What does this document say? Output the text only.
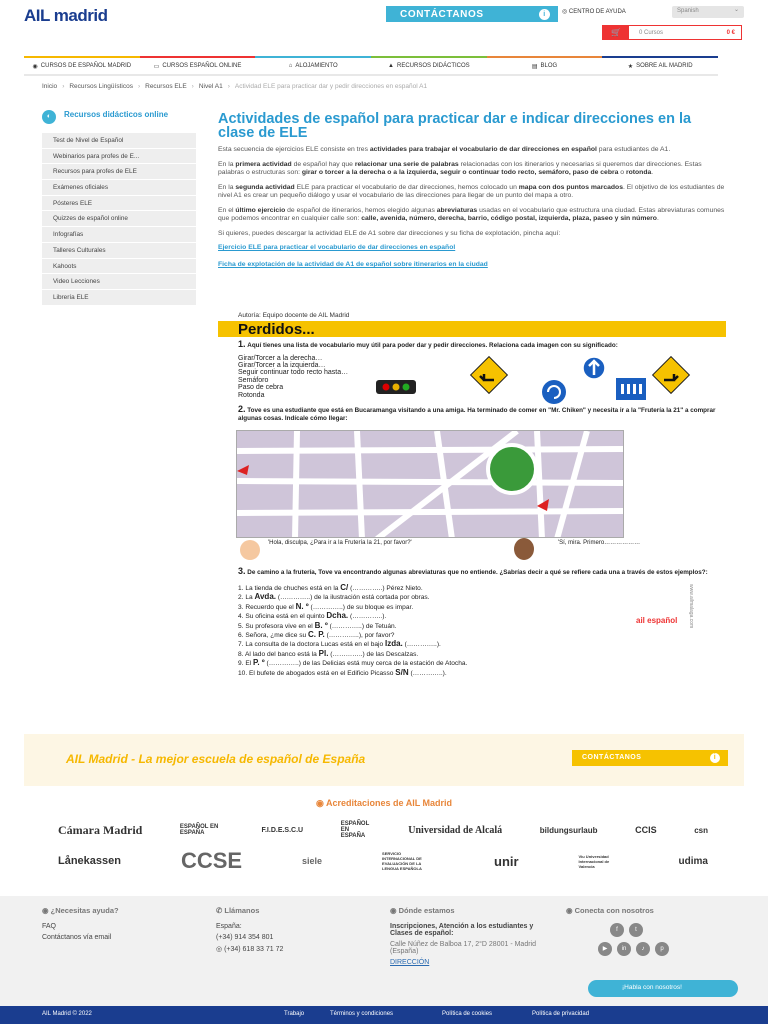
AIL madrid	CONTÁCTANOS	i	◎ CENTRO DE AYUDA	Spanish ⌄
🛒	0 Cursos	0 €
◉ CURSOS DE ESPAÑOL MADRID	▭ CURSOS ESPAÑOL ONLINE	⌂ ALOJAMIENTO	▲ RECURSOS DIDÁCTICOS	▤ BLOG	★ SOBRE AIL MADRID
Inicio › Recursos Lingüísticos › Recursos ELE › Nivel A1 › Actividad ELE para practicar dar y pedir direcciones en español A1
◐	Recursos didácticos online
Test de Nivel de Español
Webinarios para profes de E...
Recursos para profes de ELE
Exámenes oficiales
Pósteres ELE
Quizzes de español online
Infografías
Talleres Culturales
Kahoots
Video Lecciones
Librería ELE
Actividades de español para practicar dar e indicar direcciones en la clase de ELE

Esta secuencia de ejercicios ELE consiste en tres actividades para trabajar el vocabulario de dar direcciones en español para estudiantes de A1.

En la primera actividad de español hay que relacionar una serie de palabras relacionadas con los itinerarios y necesarias si queremos dar direcciones. Estas palabras o estructuras son: girar o torcer a la derecha o a la izquierda, seguir o continuar todo recto, semáforo, paso de cebra o rotonda.

En la segunda actividad ELE para practicar el vocabulario de dar direcciones, hemos colocado un mapa con dos puntos marcados. El objetivo de los estudiantes de nivel A1 es crear un pequeño diálogo y usar el vocabulario de las direcciones para llegar de un punto del mapa a otro.

En el último ejercicio de español de itinerarios, hemos elegido algunas abreviaturas usadas en el vocabulario que estructura una ciudad. Estas abreviaturas comunes que podemos encontrar en cualquier calle son: calle, avenida, número, derecha, barrio, código postal, izquierda, plaza, paseo y sin número.

Si quieres, puedes descargar la actividad ELE de A1 sobre dar direcciones y su ficha de explotación, pincha aquí:

Ejercicio ELE para practicar el vocabulario de dar direcciones en español
Ficha de explotación de la actividad de A1 de español sobre itinerarios en la ciudad
Autoría: Equipo docente de AIL Madrid
Perdidos...
1. Aquí tienes una lista de vocabulario muy útil para poder dar y pedir direcciones. Relaciona cada imagen con su significado:
Girar/Torcer a la derecha…
Girar/Torcer a la izquierda…
Seguir continuar todo recto hasta…
Semáforo
Paso de cebra
Rotonda
2. Tove es una estudiante que está en Bucaramanga visitando a una amiga. Ha terminado de comer en "Mr. Chiken" y necesita ir a la "Frutería la 21" a comprar algunas cosas. Indícale cómo llegar:
'Hola, disculpa, ¿Para ir a la Frutería la 21, por favor?'	'Sí, mira. Primero………………
3. De camino a la frutería, Tove va encontrando algunas abreviaturas que no entiende. ¿Sabrías decir a qué se refiere cada una a través de estos ejemplos?:
1. La tienda de chuches está en la C/ (…………..) Pérez Nieto.
2. La Avda. (…………..) de la ilustración está cortada por obras.
3. Recuerdo que el N. º (…………..) de su bloque es impar.
4. Su oficina está en el quinto Dcha. (…………..).
5. Su profesora vive en el B. º (…………..) de Tetuán.
6. Señora, ¿me dice su C. P. (…………..), por favor?
7. La consulta de la doctora Lucas está en el bajo Izda. (…………..).
8. Al lado del banco está la Pl. (…………..) de las Descalzas.
9. El P. º (…………..) de las Delicias está muy cerca de la estación de Atocha.
10. El bufete de abogados está en el Edificio Picasso S/N (…………..).
ail español www.ailmalaga.com
AIL Madrid - La mejor escuela de español de España	CONTÁCTANOS	i
◉ Acreditaciones de AIL Madrid
Cámara Madrid	ESPAÑOL EN ESPAÑA	F.I.D.E.S.C.U
ESPAÑOL EN ESPAÑA
Universidad de Alcalá	bildungsurlaub	CCIS	csn
Lånekassen	CCSE	siele
SERVICIO INTERNACIONAL DE EVALUACIÓN DE LA LENGUA ESPAÑOLA	unir	Viu Universidad Internacional de Valencia	udima
◉ ¿Necesitas ayuda?
FAQ
Contáctanos vía email
✆ Llámanos
España:
(+34) 914 354 801
◎ (+34) 618 33 71 72
◉ Dónde estamos
Inscripciones, Atención a los estudiantes y Clases de español:
Calle Núñez de Balboa 17, 2°D 28001 - Madrid (España)
DIRECCIÓN
◉ Conecta con nosotros
f	t
▶	in	♪	p
¡Habla con nosotros!
AIL Madrid © 2022	Trabajo	Términos y condiciones	Política de cookies	Política de privacidad
